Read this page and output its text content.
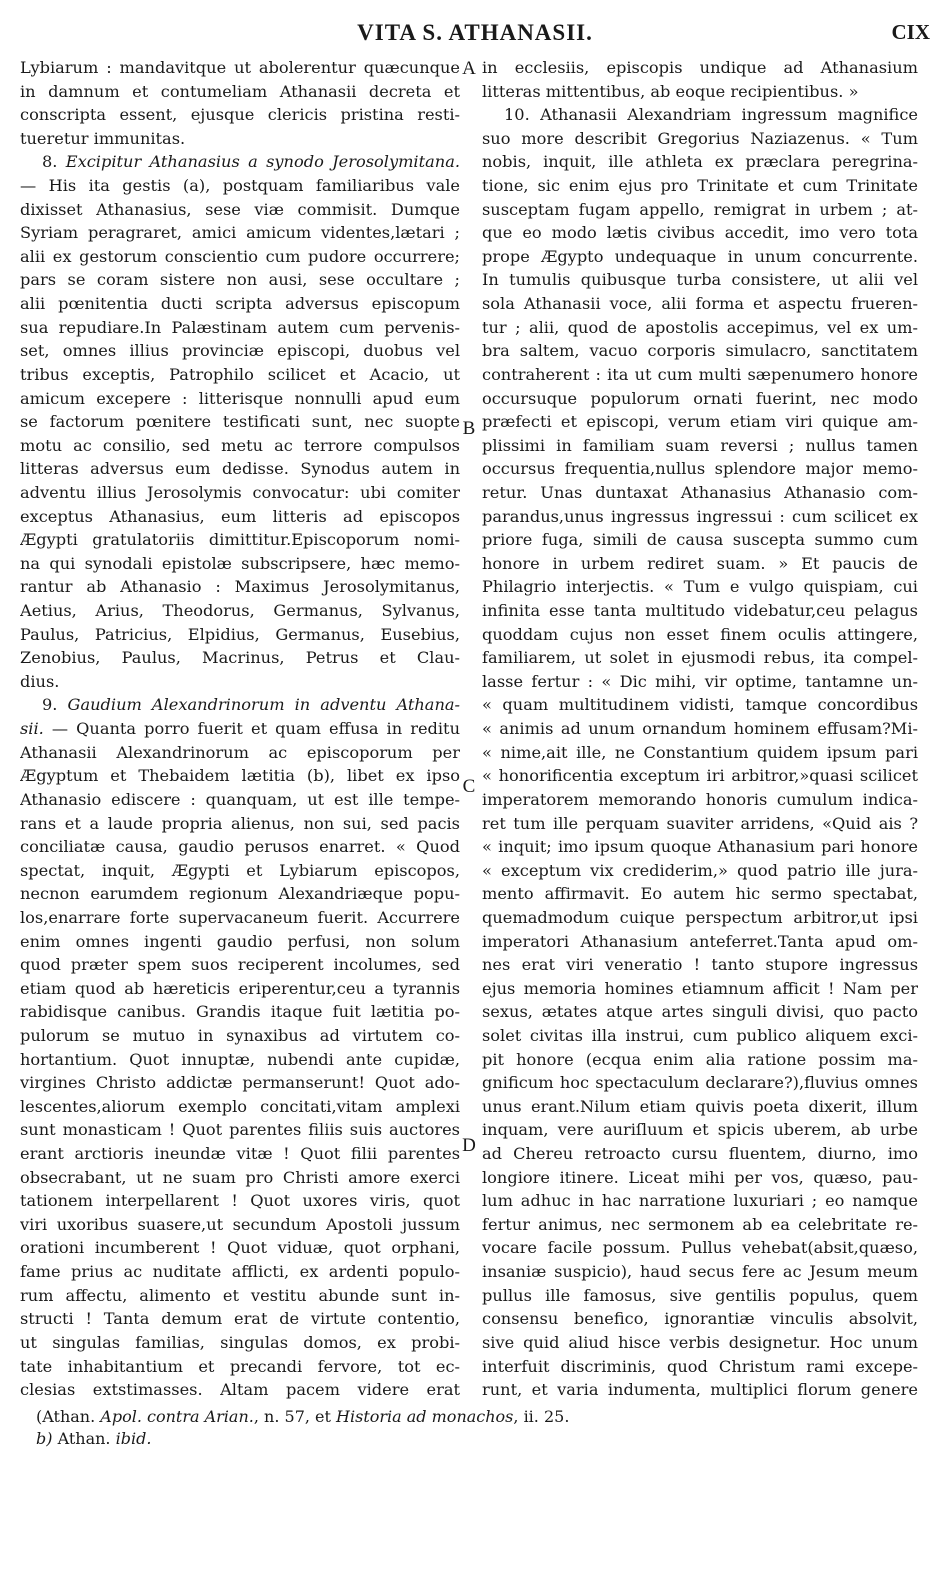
VITA S. ATHANASII.	CIX
Lybiarum : mandavitque ut abolerentur quæcunque
in damnum et contumeliam Athanasii decreta et
conscripta essent, ejusque clericis pristina resti-
tueretur immunitas.
8. Excipitur Athanasius a synodo Jerosolymitana.
— His ita gestis (a), postquam familiaribus vale
dixisset Athanasius, sese viæ commisit. Dumque
Syriam peragraret, amici amicum videntes,lætari ;
alii ex gestorum conscientio cum pudore occurrere;
pars se coram sistere non ausi, sese occultare ;
alii pœnitentia ducti scripta adversus episcopum
sua repudiare.In Palæstinam autem cum pervenis-
set, omnes illius provinciæ episcopi, duobus vel
tribus exceptis, Patrophilo scilicet et Acacio, ut
amicum excepere : litterisque nonnulli apud eum
se factorum pœnitere testificati sunt, nec suopte
motu ac consilio, sed metu ac terrore compulsos
litteras adversus eum dedisse. Synodus autem in
adventu illius Jerosolymis convocatur: ubi comiter
exceptus Athanasius, eum litteris ad episcopos
Ægypti gratulatoriis dimittitur.Episcoporum nomi-
na qui synodali epistolæ subscripsere, hæc memo-
rantur ab Athanasio : Maximus Jerosolymitanus,
Aetius, Arius, Theodorus, Germanus, Sylvanus,
Paulus, Patricius, Elpidius, Germanus, Eusebius,
Zenobius, Paulus, Macrinus, Petrus et Clau-
dius.
9. Gaudium Alexandrinorum in adventu Athana-
sii. — Quanta porro fuerit et quam effusa in reditu
Athanasii Alexandrinorum ac episcoporum per
Ægyptum et Thebaidem lætitia (b), libet ex ipso
Athanasio ediscere : quanquam, ut est ille tempe-
rans et a laude propria alienus, non sui, sed pacis
conciliatæ causa, gaudio perusos enarret. « Quod
spectat, inquit, Ægypti et Lybiarum episcopos,
necnon earumdem regionum Alexandriæque popu-
los,enarrare forte supervacaneum fuerit. Accurrere
enim omnes ingenti gaudio perfusi, non solum
quod præter spem suos reciperent incolumes, sed
etiam quod ab hæreticis eriperentur,ceu a tyrannis
rabidisque canibus. Grandis itaque fuit lætitia po-
pulorum se mutuo in synaxibus ad virtutem co-
hortantium. Quot innuptæ, nubendi ante cupidæ,
virgines Christo addictæ permanserunt! Quot ado-
lescentes,aliorum exemplo concitati,vitam amplexi
sunt monasticam ! Quot parentes filiis suis auctores
erant arctioris ineundæ vitæ ! Quot filii parentes
obsecrabant, ut ne suam pro Christi amore exerci
tationem interpellarent ! Quot uxores viris, quot
viri uxoribus suasere,ut secundum Apostoli jussum
orationi incumberent ! Quot viduæ, quot orphani,
fame prius ac nuditate afflicti, ex ardenti populo-
rum affectu, alimento et vestitu abunde sunt in-
structi ! Tanta demum erat de virtute contentio,
ut singulas familias, singulas domos, ex probi-
tate inhabitantium et precandi fervore, tot ec-
clesias extstimasses. Altam pacem videre erat
in ecclesiis, episcopis undique ad Athanasium
litteras mittentibus, ab eoque recipientibus. »
10. Athanasii Alexandriam ingressum magnifice
suo more describit Gregorius Naziazenus. « Tum
nobis, inquit, ille athleta ex præclara peregrina-
tione, sic enim ejus pro Trinitate et cum Trinitate
susceptam fugam appello, remigrat in urbem ; at-
que eo modo lætis civibus accedit, imo vero tota
prope Ægypto undequaque in unum concurrente.
In tumulis quibusque turba consistere, ut alii vel
sola Athanasii voce, alii forma et aspectu frueren-
tur ; alii, quod de apostolis accepimus, vel ex um-
bra saltem, vacuo corporis simulacro, sanctitatem
contraherent : ita ut cum multi sæpenumero honore
occursuque populorum ornati fuerint, nec modo
præfecti et episcopi, verum etiam viri quique am-
plissimi in familiam suam reversi ; nullus tamen
occursus frequentia,nullus splendore major memo-
retur. Unas duntaxat Athanasius Athanasio com-
parandus,unus ingressus ingressui : cum scilicet ex
priore fuga, simili de causa suscepta summo cum
honore in urbem rediret suam. » Et paucis de
Philagrio interjectis. « Tum e vulgo quispiam, cui
infinita esse tanta multitudo videbatur,ceu pelagus
quoddam cujus non esset finem oculis attingere,
familiarem, ut solet in ejusmodi rebus, ita compel-
lasse fertur : « Dic mihi, vir optime, tantamne un-
« quam multitudinem vidisti, tamque concordibus
« animis ad unum ornandum hominem effusam?Mi-
« nime,ait ille, ne Constantium quidem ipsum pari
« honorificentia exceptum iri arbitror,»quasi scilicet
imperatorem memorando honoris cumulum indica-
ret tum ille perquam suaviter arridens, «Quid ais ?
« inquit; imo ipsum quoque Athanasium pari honore
« exceptum vix crediderim,» quod patrio ille jura-
mento affirmavit. Eo autem hic sermo spectabat,
quemadmodum cuique perspectum arbitror,ut ipsi
imperatori Athanasium anteferret.Tanta apud om-
nes erat viri veneratio ! tanto stupore ingressus
ejus memoria homines etiamnum afficit ! Nam per
sexus, ætates atque artes singuli divisi, quo pacto
solet civitas illa instrui, cum publico aliquem exci-
pit honore (ecqua enim alia ratione possim ma-
gnificum hoc spectaculum declarare?),fluvius omnes
unus erant.Nilum etiam quivis poeta dixerit, illum
inquam, vere auriſluum et spicis uberem, ab urbe
ad Chereu retroacto cursu fluentem, diurno, imo
longiore itinere. Liceat mihi per vos, quæso, pau-
lum adhuc in hac narratione luxuriari ; eo namque
fertur animus, nec sermonem ab ea celebritate re-
vocare facile possum. Pullus vehebat(absit,quæso,
insaniæ suspicio), haud secus fere ac Jesum meum
pullus ille famosus, sive gentilis populus, quem
consensu benefico, ignorantiæ vinculis absolvit,
sive quid aliud hisce verbis designetur. Hoc unum
interfuit discriminis, quod Christum rami excepe-
runt, et varia indumenta, multiplici florum genere
A
B
C
D
(Athan. Apol. contra Arian., n. 57, et Historia ad monachos, ii. 25.
b) Athan. ibid.
